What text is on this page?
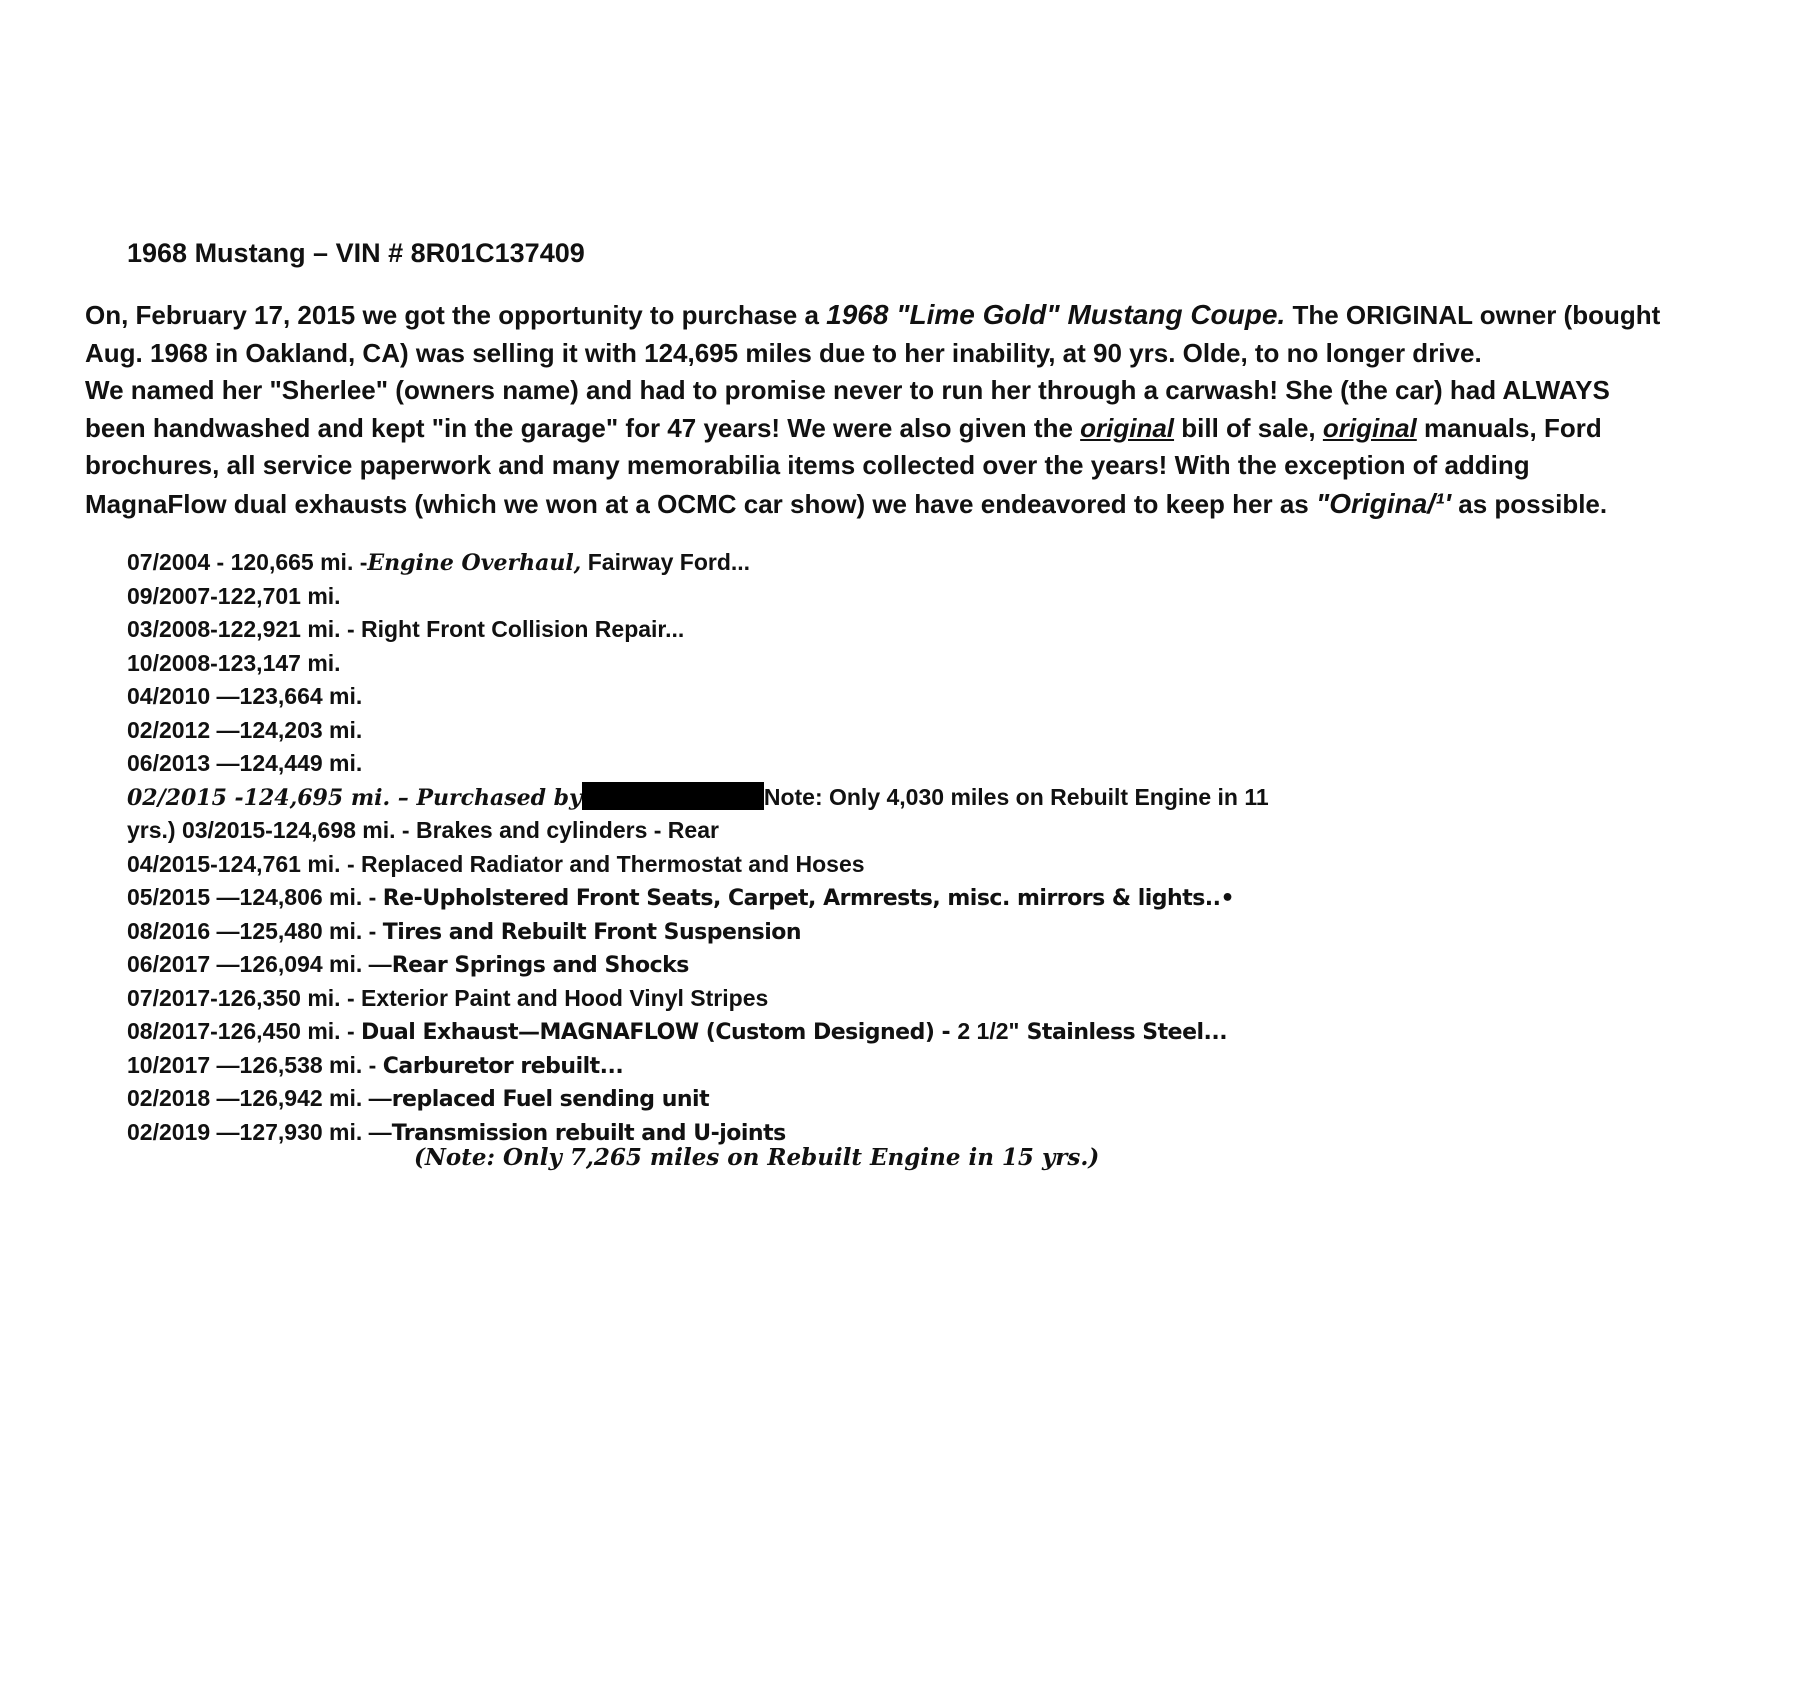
1968 Mustang – VIN # 8R01C137409

On, February 17, 2015 we got the opportunity to purchase a 1968 "Lime Gold" Mustang Coupe. The ORIGINAL owner (bought

Aug. 1968 in Oakland, CA) was selling it with 124,695 miles due to her inability, at 90 yrs. Olde, to no longer drive.

We named her "Sherlee" (owners name) and had to promise never to run her through a carwash! She (the car) had ALWAYS

been handwashed and kept "in the garage" for 47 years! We were also given the original bill of sale, original manuals, Ford

brochures, all service paperwork and many memorabilia items collected over the years! With the exception of adding

MagnaFlow dual exhausts (which we won at a OCMC car show) we have endeavored to keep her as "Origina/¹' as possible.

07/2004 - 120,665 mi. -Engine Overhaul, Fairway Ford...
09/2007-122,701 mi.
03/2008-122,921 mi. - Right Front Collision Repair...
10/2008-123,147 mi.
04/2010 —123,664 mi.
02/2012 —124,203 mi.
06/2013 —124,449 mi.
02/2015 -124,695 mi. – Purchased by	Note: Only 4,030 miles on Rebuilt Engine in 11
yrs.) 03/2015-124,698 mi. - Brakes and cylinders - Rear
04/2015-124,761 mi. - Replaced Radiator and Thermostat and Hoses
05/2015 —124,806 mi. - Re-Upholstered Front Seats, Carpet, Armrests, misc. mirrors & lights..•
08/2016 —125,480 mi. - Tires and Rebuilt Front Suspension
06/2017 —126,094 mi. —Rear Springs and Shocks
07/2017-126,350 mi. - Exterior Paint and Hood Vinyl Stripes
08/2017-126,450 mi. - Dual Exhaust—MAGNAFLOW (Custom Designed) - 2 1/2" Stainless Steel...
10/2017 —126,538 mi. - Carburetor rebuilt...
02/2018 —126,942 mi. —replaced Fuel sending unit
02/2019 —127,930 mi. —Transmission rebuilt and U-joints
(Note: Only 7,265 miles on Rebuilt Engine in 15 yrs.)
